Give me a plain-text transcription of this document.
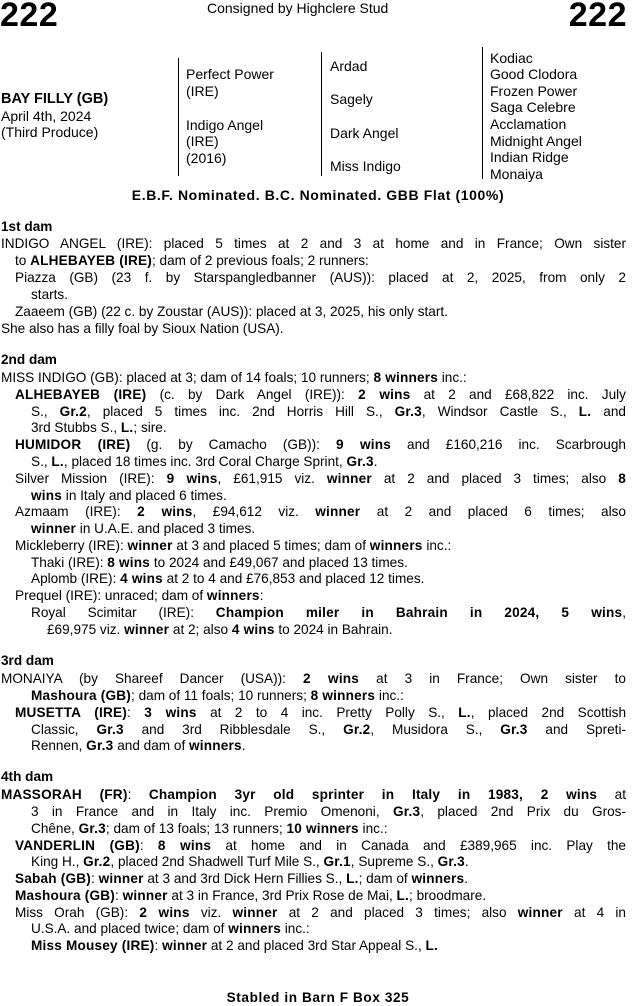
222	Consigned by Highclere Stud	222
BAY FILLY (GB)
April 4th, 2024
(Third Produce)
Perfect Power
(IRE)
Indigo Angel
(IRE)
(2016)
Ardad
Sagely
Dark Angel
Miss Indigo
Kodiac
Good Clodora
Frozen Power
Saga Celebre
Acclamation
Midnight Angel
Indian Ridge
Monaiya
E.B.F. Nominated. B.C. Nominated. GBB Flat (100%)
1st dam
INDIGO ANGEL (IRE): placed 5 times at 2 and 3 at home and in France; Own sister
to ALHEBAYEB (IRE); dam of 2 previous foals; 2 runners:
Piazza (GB) (23 f. by Starspangledbanner (AUS)): placed at 2, 2025, from only 2
starts.
Zaaeem (GB) (22 c. by Zoustar (AUS)): placed at 3, 2025, his only start.
She also has a filly foal by Sioux Nation (USA).
2nd dam
MISS INDIGO (GB): placed at 3; dam of 14 foals; 10 runners; 8 winners inc.:
ALHEBAYEB (IRE) (c. by Dark Angel (IRE)): 2 wins at 2 and £68,822 inc. July
S., Gr.2, placed 5 times inc. 2nd Horris Hill S., Gr.3, Windsor Castle S., L. and
3rd Stubbs S., L.; sire.
HUMIDOR (IRE) (g. by Camacho (GB)): 9 wins and £160,216 inc. Scarbrough
S., L., placed 18 times inc. 3rd Coral Charge Sprint, Gr.3.
Silver Mission (IRE): 9 wins, £61,915 viz. winner at 2 and placed 3 times; also 8
wins in Italy and placed 6 times.
Azmaam (IRE): 2 wins, £94,612 viz. winner at 2 and placed 6 times; also
winner in U.A.E. and placed 3 times.
Mickleberry (IRE): winner at 3 and placed 5 times; dam of winners inc.:
Thaki (IRE): 8 wins to 2024 and £49,067 and placed 13 times.
Aplomb (IRE): 4 wins at 2 to 4 and £76,853 and placed 12 times.
Prequel (IRE): unraced; dam of winners:
Royal Scimitar (IRE): Champion miler in Bahrain in 2024, 5 wins,
£69,975 viz. winner at 2; also 4 wins to 2024 in Bahrain.
3rd dam
MONAIYA (by Shareef Dancer (USA)): 2 wins at 3 in France; Own sister to
Mashoura (GB); dam of 11 foals; 10 runners; 8 winners inc.:
MUSETTA (IRE): 3 wins at 2 to 4 inc. Pretty Polly S., L., placed 2nd Scottish
Classic, Gr.3 and 3rd Ribblesdale S., Gr.2, Musidora S., Gr.3 and Spreti-
Rennen, Gr.3 and dam of winners.
4th dam
MASSORAH (FR): Champion 3yr old sprinter in Italy in 1983, 2 wins at
3 in France and in Italy inc. Premio Omenoni, Gr.3, placed 2nd Prix du Gros-
Chêne, Gr.3; dam of 13 foals; 13 runners; 10 winners inc.:
VANDERLIN (GB): 8 wins at home and in Canada and £389,965 inc. Play the
King H., Gr.2, placed 2nd Shadwell Turf Mile S., Gr.1, Supreme S., Gr.3.
Sabah (GB): winner at 3 and 3rd Dick Hern Fillies S., L.; dam of winners.
Mashoura (GB): winner at 3 in France, 3rd Prix Rose de Mai, L.; broodmare.
Miss Orah (GB): 2 wins viz. winner at 2 and placed 3 times; also winner at 4 in
U.S.A. and placed twice; dam of winners inc.:
Miss Mousey (IRE): winner at 2 and placed 3rd Star Appeal S., L.
Stabled in Barn F Box 325
